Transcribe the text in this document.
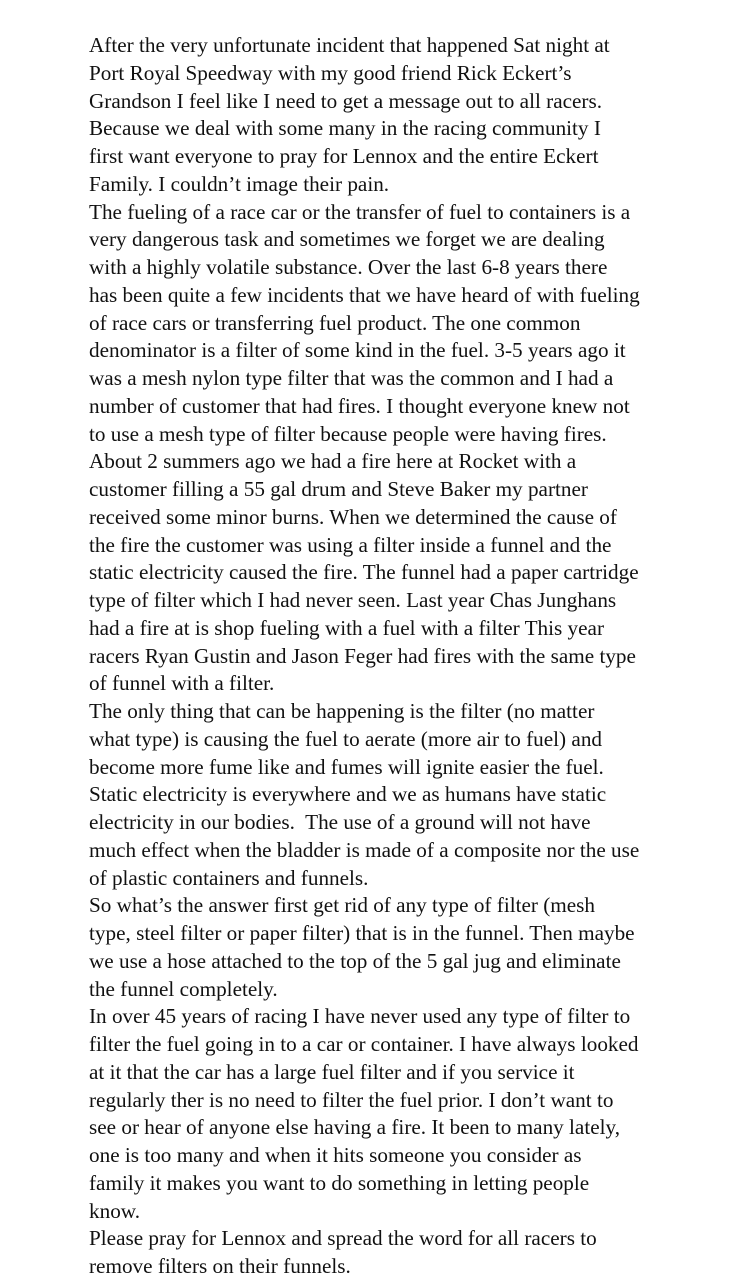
After the very unfortunate incident that happened Sat night at
Port Royal Speedway with my good friend Rick Eckert’s
Grandson I feel like I need to get a message out to all racers.
Because we deal with some many in the racing community I
first want everyone to pray for Lennox and the entire Eckert
Family. I couldn’t image their pain.
The fueling of a race car or the transfer of fuel to containers is a
very dangerous task and sometimes we forget we are dealing
with a highly volatile substance. Over the last 6-8 years there
has been quite a few incidents that we have heard of with fueling
of race cars or transferring fuel product. The one common
denominator is a filter of some kind in the fuel. 3-5 years ago it
was a mesh nylon type filter that was the common and I had a
number of customer that had fires. I thought everyone knew not
to use a mesh type of filter because people were having fires.
About 2 summers ago we had a fire here at Rocket with a
customer filling a 55 gal drum and Steve Baker my partner
received some minor burns. When we determined the cause of
the fire the customer was using a filter inside a funnel and the
static electricity caused the fire. The funnel had a paper cartridge
type of filter which I had never seen. Last year Chas Junghans
had a fire at is shop fueling with a fuel with a filter This year
racers Ryan Gustin and Jason Feger had fires with the same type
of funnel with a filter.
The only thing that can be happening is the filter (no matter
what type) is causing the fuel to aerate (more air to fuel) and
become more fume like and fumes will ignite easier the fuel.
Static electricity is everywhere and we as humans have static
electricity in our bodies.  The use of a ground will not have
much effect when the bladder is made of a composite nor the use
of plastic containers and funnels.
So what’s the answer first get rid of any type of filter (mesh
type, steel filter or paper filter) that is in the funnel. Then maybe
we use a hose attached to the top of the 5 gal jug and eliminate
the funnel completely.
In over 45 years of racing I have never used any type of filter to
filter the fuel going in to a car or container. I have always looked
at it that the car has a large fuel filter and if you service it
regularly ther is no need to filter the fuel prior. I don’t want to
see or hear of anyone else having a fire. It been to many lately,
one is too many and when it hits someone you consider as
family it makes you want to do something in letting people
know.
Please pray for Lennox and spread the word for all racers to
remove filters on their funnels.
